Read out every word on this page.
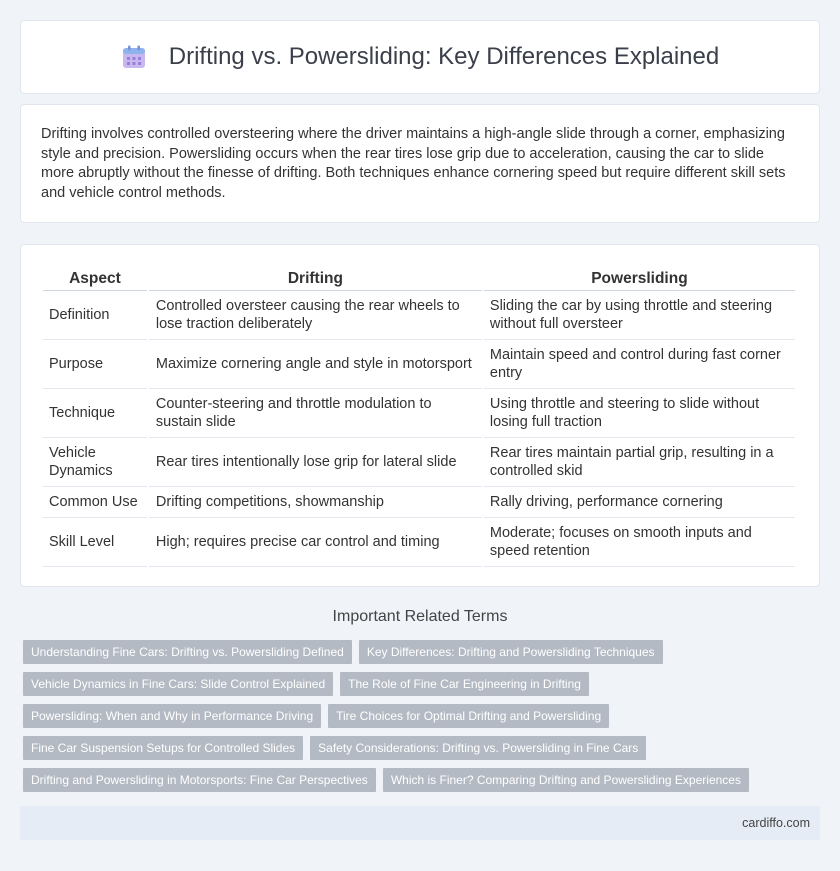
Drifting vs. Powersliding: Key Differences Explained

Drifting involves controlled oversteering where the driver maintains a high-angle slide through a corner, emphasizing style and precision. Powersliding occurs when the rear tires lose grip due to acceleration, causing the car to slide more abruptly without the finesse of drifting. Both techniques enhance cornering speed but require different skill sets and vehicle control methods.

Aspect	Drifting	Powersliding
Definition	Controlled oversteer causing the rear wheels to lose traction deliberately	Sliding the car by using throttle and steering without full oversteer
Purpose	Maximize cornering angle and style in motorsport	Maintain speed and control during fast corner entry
Technique	Counter-steering and throttle modulation to sustain slide	Using throttle and steering to slide without losing full traction
Vehicle Dynamics	Rear tires intentionally lose grip for lateral slide	Rear tires maintain partial grip, resulting in a controlled skid
Common Use	Drifting competitions, showmanship	Rally driving, performance cornering
Skill Level	High; requires precise car control and timing	Moderate; focuses on smooth inputs and speed retention
Important Related Terms
Understanding Fine Cars: Drifting vs. Powersliding Defined	Key Differences: Drifting and Powersliding Techniques
Vehicle Dynamics in Fine Cars: Slide Control Explained	The Role of Fine Car Engineering in Drifting
Powersliding: When and Why in Performance Driving	Tire Choices for Optimal Drifting and Powersliding
Fine Car Suspension Setups for Controlled Slides	Safety Considerations: Drifting vs. Powersliding in Fine Cars
Drifting and Powersliding in Motorsports: Fine Car Perspectives	Which is Finer? Comparing Drifting and Powersliding Experiences
cardiffo.com
